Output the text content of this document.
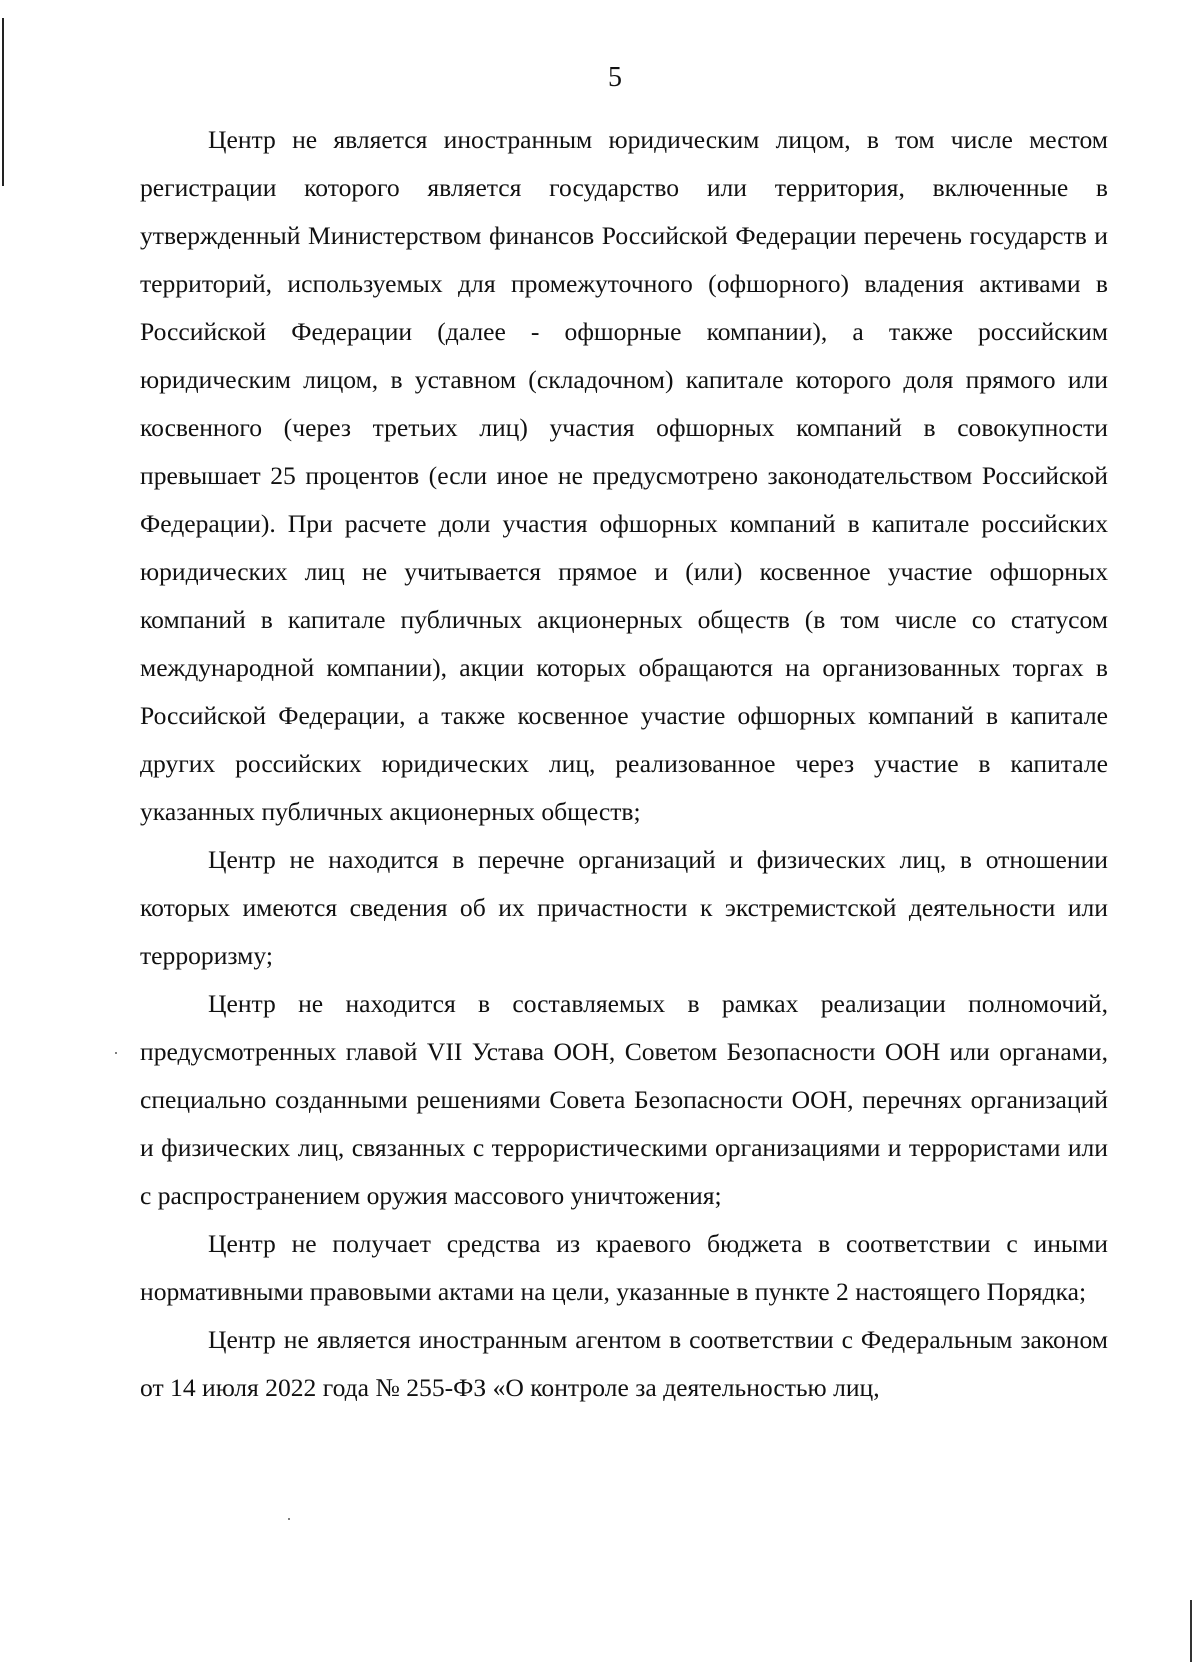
5

Центр не является иностранным юридическим лицом, в том числе местом регистрации которого является государство или территория, включенные в утвержденный Министерством финансов Российской Федерации перечень государств и территорий, используемых для промежуточного (офшорного) владения активами в Российской Федерации (далее - офшорные компании), а также российским юридическим лицом, в уставном (складочном) капитале которого доля прямого или косвенного (через третьих лиц) участия офшорных компаний в совокупности превышает 25 процентов (если иное не предусмотрено законодательством Российской Федерации). При расчете доли участия офшорных компаний в капитале российских юридических лиц не учитывается прямое и (или) косвенное участие офшорных компаний в капитале публичных акционерных обществ (в том числе со статусом международной компании), акции которых обращаются на организованных торгах в Российской Федерации, а также косвенное участие офшорных компаний в капитале других российских юридических лиц, реализованное через участие в капитале указанных публичных акционерных обществ;

Центр не находится в перечне организаций и физических лиц, в отношении которых имеются сведения об их причастности к экстремистской деятельности или терроризму;

Центр не находится в составляемых в рамках реализации полномочий, предусмотренных главой VII Устава ООН, Советом Безопасности ООН или органами, специально созданными решениями Совета Безопасности ООН, перечнях организаций и физических лиц, связанных с террористическими организациями и террористами или с распространением оружия массового уничтожения;

Центр не получает средства из краевого бюджета в соответствии с иными нормативными правовыми актами на цели, указанные в пункте 2 настоящего Порядка;

Центр не является иностранным агентом в соответствии с Федеральным законом от 14 июля 2022 года № 255-ФЗ «О контроле за деятельностью лиц,
